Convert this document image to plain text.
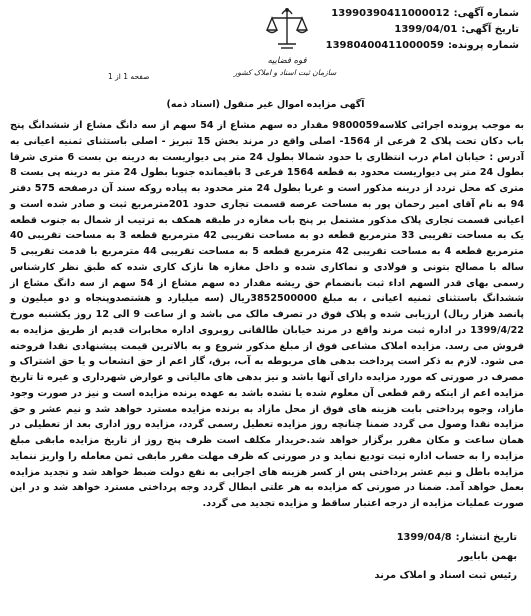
قوه قضاییه
سازمان ثبت اسناد و املاک کشور
صفحه 1 از 1
شماره آگهی:
13990390411000012
تاریخ آگهی:
1399/04/01
شماره پرونده:
13980400411000059
آگهی مزایده اموال غیر منقول (اسناد ذمه)
به موجب پرونده اجرائی کلاسه9800059 مقدار ده سهم مشاع از 54 سهم از سه دانگ مشاع از ششدانگ پنج باب دکان تحت پلاک 2 فرعی از 1564- اصلی واقع در مرند بخش 15 تبریز - اصلی باستثنای ثمنیه اعیانی به آدرس : خیابان امام درب انتظاری با حدود شمالا بطول 24 متر پی دیواریست به درینه بن بست 6 متری شرقا بطول 24 متر پی دیواریست محدود به قطعه 1564 فرعی 3 باقیمانده جنوبا بطول 24 متر به درینه پی بست 8 متری که محل تردد از درینه مذکور است و غربا بطول 24 متر محدود به پیاده روکه سند آن درصفحه 575 دفتر 94 به نام آقای امیر رحمان پور به مساحت عرصه قسمت تجاری حدود 201مترمربع ثبت و صادر شده است و اعیانی قسمت تجاری پلاک مذکور مشتمل بر پنج باب مغازه در طبقه همکف به ترتیب از شمال به جنوب قطعه یک به مساحت تقریبی 33 مترمربع قطعه دو به مساحت تقریبی 42 مترمربع قطعه 3 به مساحت تقریبی 40 مترمربع قطعه 4 به مساحت تقریبی 42 مترمربع قطعه 5 به مساحت تقریبی 44 مترمربع با قدمت تقریبی 5 ساله با مصالح بتونی و فولادی و نماکاری شده و داخل مغازه ها نازک کاری شده که طبق نظر کارشناس رسمی بهای قدر السهم اداء ثبت بانضمام حق ریشه مقدار ده سهم مشاع از 54 سهم از سه دانگ مشاع از ششدانگ باستثنای ثمنیه اعیانی ، به مبلغ 3852500000ریال (سه میلیارد و هشتصدوپنجاه و دو میلیون و پانصد هزار ریال) ارزیابی شده و پلاک فوق در تصرف مالک می باشد و از ساعت 9 الی 12 روز یکشنبه مورخ 1399/4/22 در اداره ثبت مرند واقع در مرند خیابان طالقانی روبروی اداره مخابرات قدیم از طریق مزایده به فروش می رسد. مزایده املاک مشاعی فوق از مبلغ مذکور شروع و به بالاترین قیمت پیشنهادی نقدا فروخته می شود. لازم به ذکر است پرداخت بدهی های مربوطه به آب، برق، گاز اعم از حق انشعاب و یا حق اشتراک و مصرف در صورتی که مورد مزایده دارای آنها باشد و نیز بدهی های مالیاتی و عوارض شهرداری و غیره تا تاریخ مزایده اعم از اینکه رقم قطعی آن معلوم شده یا نشده باشد به عهده برنده مزایده است و نیز در صورت وجود مازاد، وجوه پرداختی بابت هزینه های فوق از محل مازاد به برنده مزایده مسترد خواهد شد و نیم عشر و حق مزایده نقدا وصول می گردد ضمنا چنانچه روز مزایده تعطیل رسمی گردد، مزایده روز اداری بعد از تعطیلی در همان ساعت و مکان مقرر برگزار خواهد شد.خریدار مکلف است ظرف پنج روز از تاریخ مزایده مابقی مبلغ مزایده را به حساب اداره ثبت تودیع نماید و در صورتی که ظرف مهلت مقرر مابقی ثمن معامله را واریز ننماید مزایده باطل و نیم عشر پرداختی پس از کسر هزینه های اجرایی به نفع دولت ضبط خواهد شد و تجدید مزایده بعمل خواهد آمد. ضمنا در صورتی که مزایده به هر علتی ابطال گردد وجه پرداختی مسترد خواهد شد و در این صورت عملیات مزایده از درجه اعتبار ساقط و مزایده تجدید می گردد.
تاریخ انتشار:
1399/04/8
بهمن بابایور
رئیس ثبت اسناد و املاک مرند
